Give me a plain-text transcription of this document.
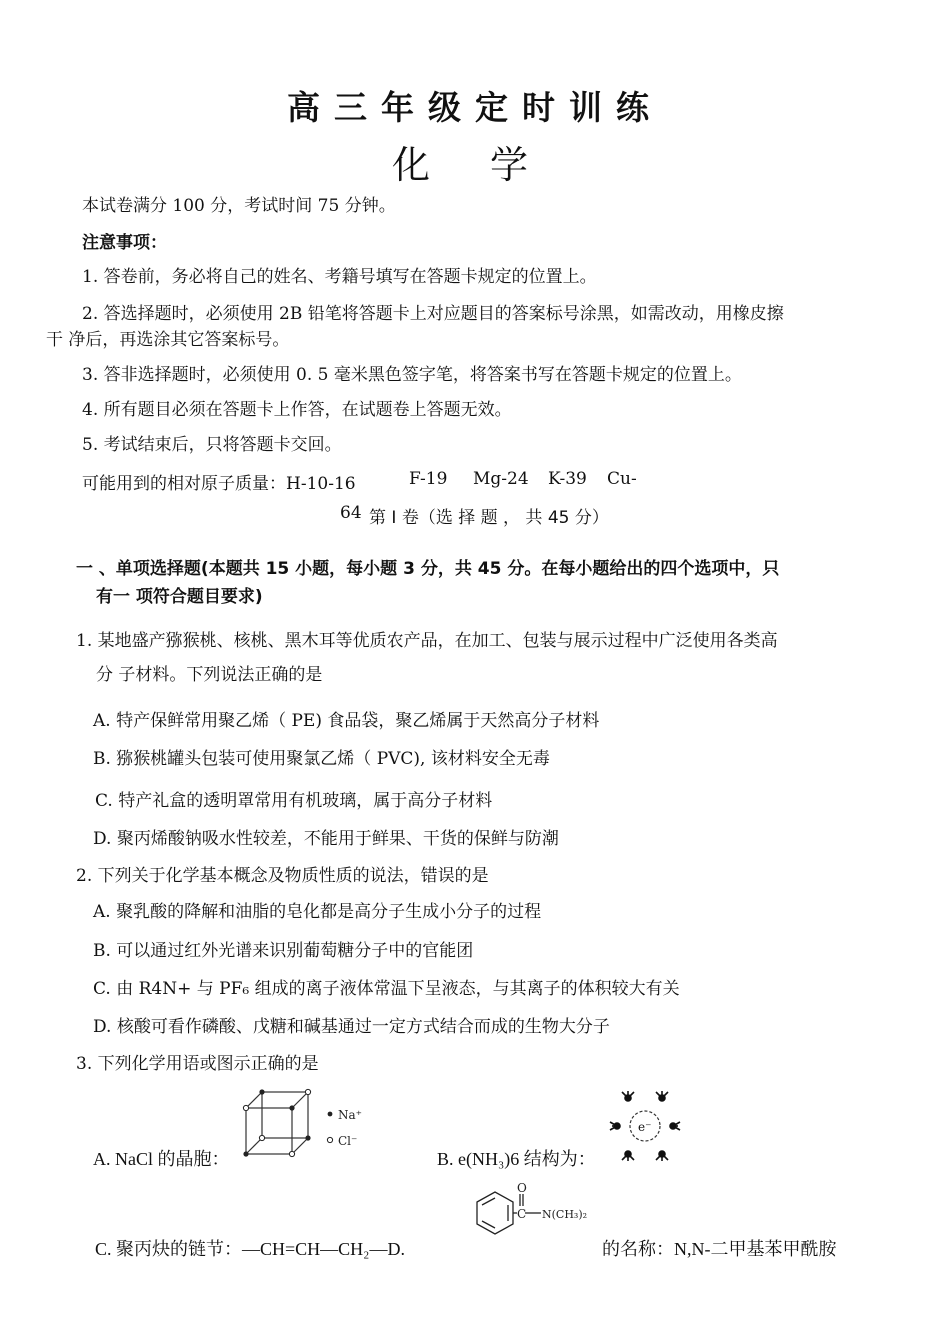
高三年级定时训练
化学
本试卷满分 100 分，考试时间 75 分钟。
注意事项：
1. 答卷前，务必将自己的姓名、考籍号填写在答题卡规定的位置上。
2. 答选择题时，必须使用 2B 铅笔将答题卡上对应题目的答案标号涂黑，如需改动，用橡皮擦
干 净后，再选涂其它答案标号。
3. 答非选择题时，必须使用 0. 5 毫米黑色签字笔，将答案书写在答题卡规定的位置上。
4. 所有题目必须在答题卡上作答，在试题卷上答题无效。
5. 考试结束后，只将答题卡交回。
可能用到的相对原子质量：H-10-16	F-19 Mg-24 K-39 Cu-
64 第 Ⅰ 卷（选 择 题 ， 共 45 分）
一 、单项选择题(本题共 15 小题，每小题 3 分，共 45 分。在每小题给出的四个选项中，只
有一 项符合题目要求)
1. 某地盛产猕猴桃、核桃、黑木耳等优质农产品，在加工、包装与展示过程中广泛使用各类高
分 子材料。下列说法正确的是
A. 特产保鲜常用聚乙烯（ PE) 食品袋，聚乙烯属于天然高分子材料
B. 猕猴桃罐头包装可使用聚氯乙烯（ PVC), 该材料安全无毒
C. 特产礼盒的透明罩常用有机玻璃，属于高分子材料
D. 聚丙烯酸钠吸水性较差，不能用于鲜果、干货的保鲜与防潮
2. 下列关于化学基本概念及物质性质的说法，错误的是
A. 聚乳酸的降解和油脂的皂化都是高分子生成小分子的过程
B. 可以通过红外光谱来识别葡萄糖分子中的官能团
C. 由 R4N+ 与 PF₆ 组成的离子液体常温下呈液态，与其离子的体积较大有关
D. 核酸可看作磷酸、戊糖和碱基通过一定方式结合而成的生物大分子
3. 下列化学用语或图示正确的是
A. NaCl 的晶胞：
Na⁺
Cl⁻
B. e(NH₃)6 结构为：
e⁻
C. 聚丙炔的链节：—CH=CH—CH₂—D.
C
O
N(CH₃)₂
的名称：N,N-二甲基苯甲酰胺
